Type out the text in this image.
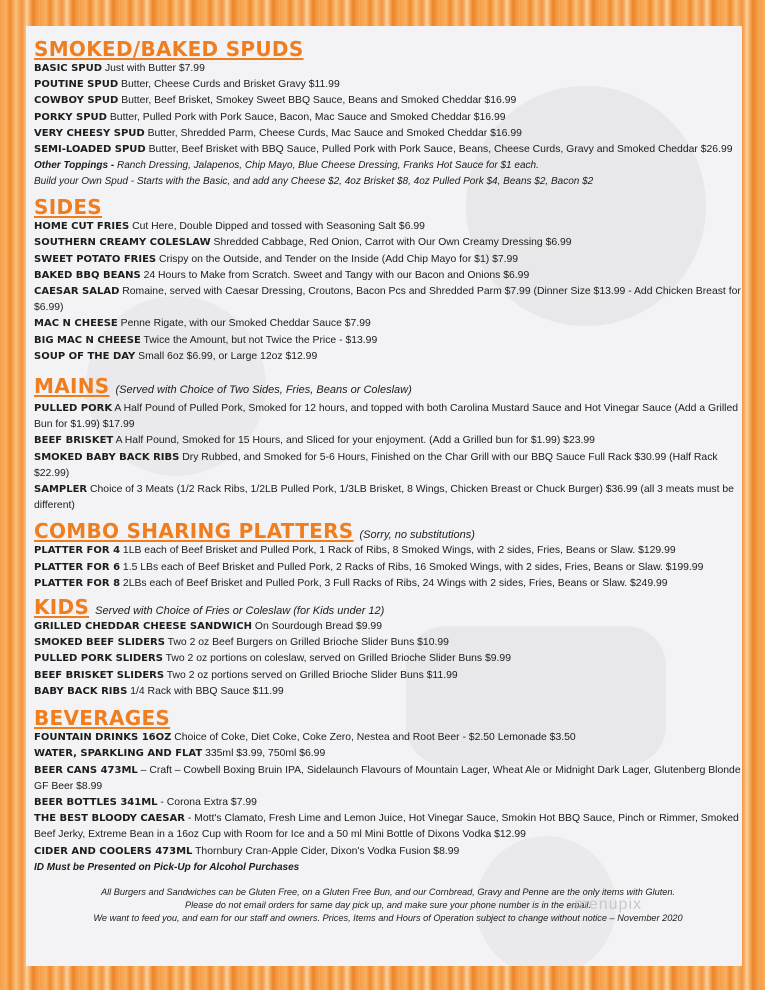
SMOKED/BAKED SPUDS

BASIC SPUD Just with Butter $7.99

POUTINE SPUD Butter, Cheese Curds and Brisket Gravy $11.99

COWBOY SPUD Butter, Beef Brisket, Smokey Sweet BBQ Sauce, Beans and Smoked Cheddar $16.99

PORKY SPUD Butter, Pulled Pork with Pork Sauce, Bacon, Mac Sauce and Smoked Cheddar $16.99

VERY CHEESY SPUD Butter, Shredded Parm, Cheese Curds, Mac Sauce and Smoked Cheddar $16.99

SEMI-LOADED SPUD Butter, Beef Brisket with BBQ Sauce, Pulled Pork with Pork Sauce, Beans, Cheese Curds, Gravy and Smoked Cheddar $26.99

Other Toppings - Ranch Dressing, Jalapenos, Chip Mayo, Blue Cheese Dressing, Franks Hot Sauce for $1 each.

Build your Own Spud - Starts with the Basic, and add any Cheese $2, 4oz Brisket $8, 4oz Pulled Pork $4, Beans $2, Bacon $2

SIDES

HOME CUT FRIES Cut Here, Double Dipped and tossed with Seasoning Salt $6.99

SOUTHERN CREAMY COLESLAW Shredded Cabbage, Red Onion, Carrot with Our Own Creamy Dressing $6.99

SWEET POTATO FRIES Crispy on the Outside, and Tender on the Inside (Add Chip Mayo for $1) $7.99

BAKED BBQ BEANS 24 Hours to Make from Scratch. Sweet and Tangy with our Bacon and Onions $6.99

CAESAR SALAD Romaine, served with Caesar Dressing, Croutons, Bacon Pcs and Shredded Parm $7.99 (Dinner Size $13.99 - Add Chicken Breast for $6.99)

MAC N CHEESE Penne Rigate, with our Smoked Cheddar Sauce $7.99

BIG MAC N CHEESE Twice the Amount, but not Twice the Price - $13.99

SOUP OF THE DAY Small 6oz $6.99, or Large 12oz $12.99

MAINS (Served with Choice of Two Sides, Fries, Beans or Coleslaw)

PULLED PORK A Half Pound of Pulled Pork, Smoked for 12 hours, and topped with both Carolina Mustard Sauce and Hot Vinegar Sauce (Add a Grilled Bun for $1.99) $17.99

BEEF BRISKET A Half Pound, Smoked for 15 Hours, and Sliced for your enjoyment. (Add a Grilled bun for $1.99) $23.99

SMOKED BABY BACK RIBS Dry Rubbed, and Smoked for 5-6 Hours, Finished on the Char Grill with our BBQ Sauce Full Rack $30.99 (Half Rack $22.99)

SAMPLER Choice of 3 Meats (1/2 Rack Ribs, 1/2LB Pulled Pork, 1/3LB Brisket, 8 Wings, Chicken Breast or Chuck Burger) $36.99 (all 3 meats must be different)

COMBO SHARING PLATTERS (Sorry, no substitutions)

PLATTER FOR 4 1LB each of Beef Brisket and Pulled Pork, 1 Rack of Ribs, 8 Smoked Wings, with 2 sides, Fries, Beans or Slaw. $129.99

PLATTER FOR 6 1.5 LBs each of Beef Brisket and Pulled Pork, 2 Racks of Ribs, 16 Smoked Wings, with 2 sides, Fries, Beans or Slaw. $199.99

PLATTER FOR 8 2LBs each of Beef Brisket and Pulled Pork, 3 Full Racks of Ribs, 24 Wings with 2 sides, Fries, Beans or Slaw. $249.99

KIDS Served with Choice of Fries or Coleslaw (for Kids under 12)

GRILLED CHEDDAR CHEESE SANDWICH On Sourdough Bread $9.99

SMOKED BEEF SLIDERS Two 2 oz Beef Burgers on Grilled Brioche Slider Buns $10.99

PULLED PORK SLIDERS Two 2 oz portions on coleslaw, served on Grilled Brioche Slider Buns $9.99

BEEF BRISKET SLIDERS Two 2 oz portions served on Grilled Brioche Slider Buns $11.99

BABY BACK RIBS 1/4 Rack with BBQ Sauce $11.99

BEVERAGES

FOUNTAIN DRINKS 16OZ Choice of Coke, Diet Coke, Coke Zero, Nestea and Root Beer - $2.50 Lemonade $3.50

WATER, SPARKLING AND FLAT 335ml $3.99, 750ml $6.99

BEER CANS 473ML – Craft – Cowbell Boxing Bruin IPA, Sidelaunch Flavours of Mountain Lager, Wheat Ale or Midnight Dark Lager, Glutenberg Blonde GF Beer $8.99

BEER BOTTLES 341ML - Corona Extra $7.99

THE BEST BLOODY CAESAR - Mott's Clamato, Fresh Lime and Lemon Juice, Hot Vinegar Sauce, Smokin Hot BBQ Sauce, Pinch or Rimmer, Smoked Beef Jerky, Extreme Bean in a 16oz Cup with Room for Ice and a 50 ml Mini Bottle of Dixons Vodka $12.99

CIDER AND COOLERS 473ML Thornbury Cran-Apple Cider, Dixon's Vodka Fusion $8.99

ID Must be Presented on Pick-Up for Alcohol Purchases

All Burgers and Sandwiches can be Gluten Free, on a Gluten Free Bun, and our Cornbread, Gravy and Penne are the only items with Gluten.

Please do not email orders for same day pick up, and make sure your phone number is in the email.

We want to feed you, and earn for our staff and owners. Prices, Items and Hours of Operation subject to change without notice – November 2020

menupix
